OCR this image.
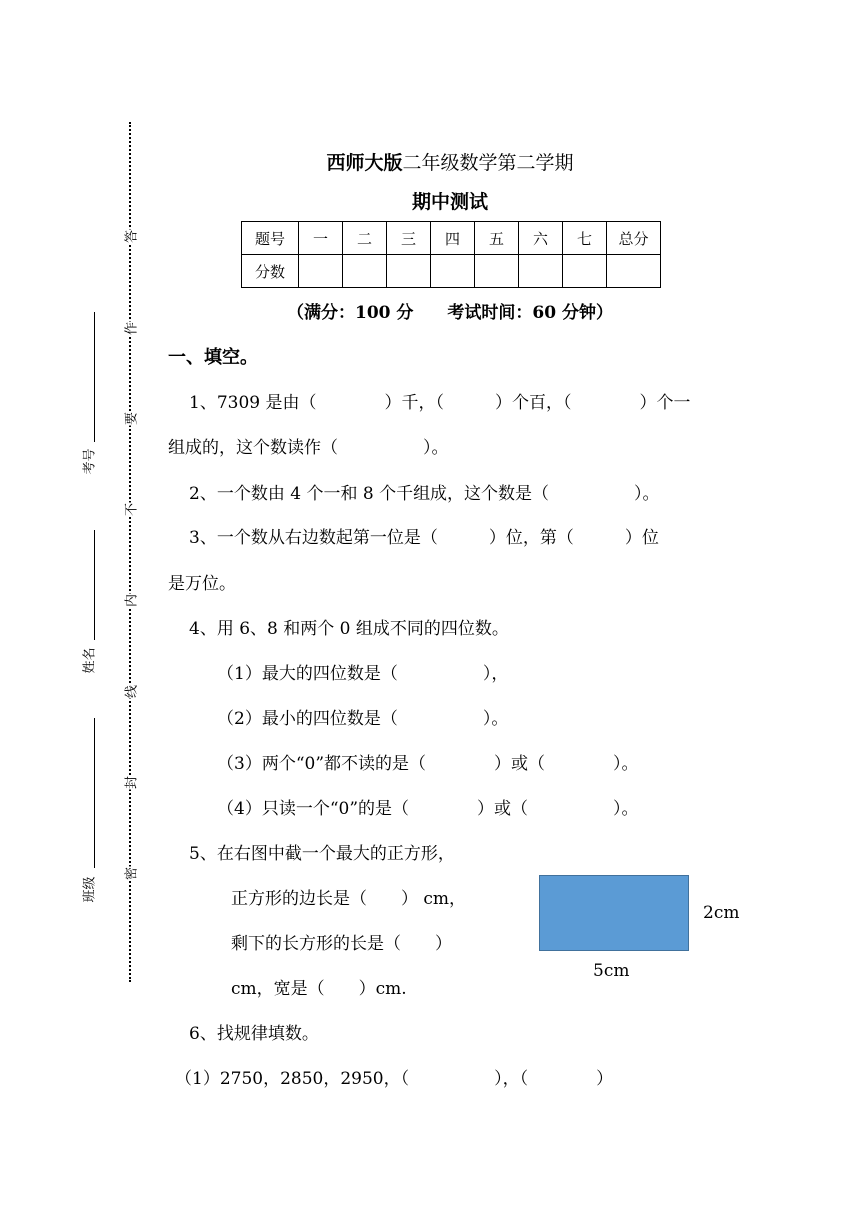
答
作
要
不
内
线
封
密
考号
姓名
班级
西师大版二年级数学第二学期
期中测试
题号	一	二	三	四	五	六	七	总分
分数								
（满分：100 分　　考试时间：60 分钟）
一、填空。
1、7309 是由（　　　　）千，（　　　）个百，（　　　　）个一
组成的，这个数读作（　　　　　）。
2、一个数由 4 个一和 8 个千组成，这个数是（　　　　　）。
3、一个数从右边数起第一位是（　　　）位，第（　　　）位
是万位。
4、用 6、8 和两个 0 组成不同的四位数。
（1）最大的四位数是（　　　　　），
（2）最小的四位数是（　　　　　）。
（3）两个“0”都不读的是（　　　　）或（　　　　）。
（4）只读一个“0”的是（　　　　）或（　　　　　）。
5、在右图中截一个最大的正方形，
正方形的边长是（　　） cm，
剩下的长方形的长是（　　）
cm，宽是（　　）cm.
6、找规律填数。
（1）2750，2850，2950，（　　　　　），（　　　　）
2cm
5cm
